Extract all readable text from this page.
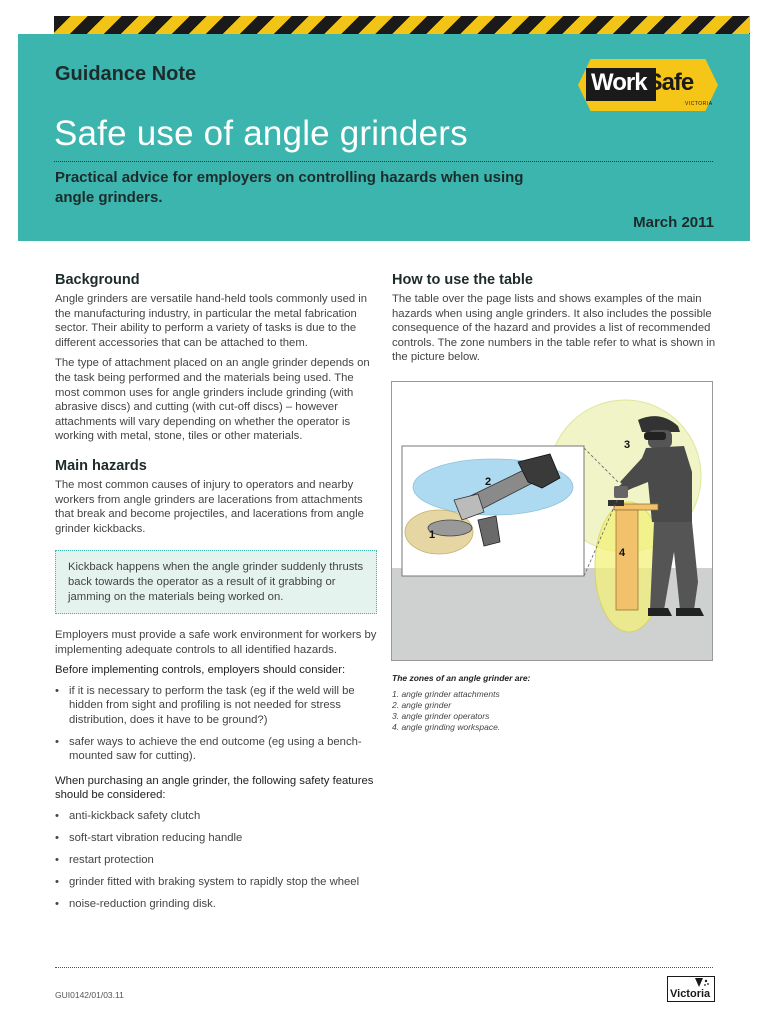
Guidance Note	WorkSafe
VICTORIA
Safe use of angle grinders
Practical advice for employers on controlling hazards when using angle grinders.
March 2011
Background

Angle grinders are versatile hand-held tools commonly used in the manufacturing industry, in particular the metal fabrication sector. Their ability to perform a variety of tasks is due to the different accessories that can be attached to them.

The type of attachment placed on an angle grinder depends on the task being performed and the materials being used. The most common uses for angle grinders include grinding (with abrasive discs) and cutting (with cut-off discs) – however attachments will vary depending on whether the operator is working with metal, stone, tiles or other materials.

Main hazards

The most common causes of injury to operators and nearby workers from angle grinders are lacerations from attachments that break and become projectiles, and lacerations from angle grinder kickbacks.

Kickback happens when the angle grinder suddenly thrusts back towards the operator as a result of it grabbing or jamming on the materials being worked on.

Employers must provide a safe work environment for workers by implementing adequate controls to all identified hazards.

Before implementing controls, employers should consider:

• if it is necessary to perform the task (eg if the weld will be hidden from sight and profiling is not needed for stress distribution, does it have to be ground?)
• safer ways to achieve the end outcome (eg using a bench-mounted saw for cutting).

When purchasing an angle grinder, the following safety features should be considered:

• anti-kickback safety clutch
• soft-start vibration reducing handle
• restart protection
• grinder fitted with braking system to rapidly stop the wheel
• noise-reduction grinding disk.
How to use the table

The table over the page lists and shows examples of the main hazards when using angle grinders. It also includes the possible consequence of the hazard and provides a list of recommended controls. The zone numbers in the table refer to what is shown in the picture below.

2
1
3
4
The zones of an angle grinder are:
1. angle grinder attachments
2. angle grinder
3. angle grinder operators
4. angle grinding workspace.
GUI0142/01/03.11	Victoria
